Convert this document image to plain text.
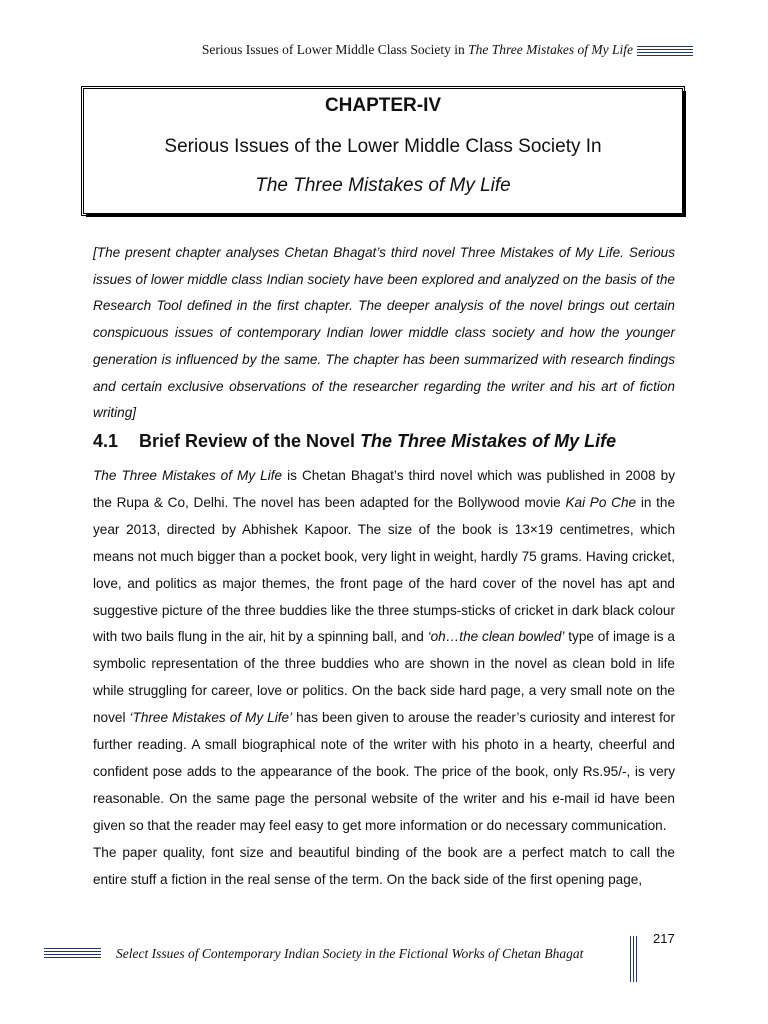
Serious Issues of Lower Middle Class Society in The Three Mistakes of My Life
CHAPTER-IV
Serious Issues of the Lower Middle Class Society In
The Three Mistakes of My Life
[The present chapter analyses Chetan Bhagat’s third novel Three Mistakes of My Life. Serious issues of lower middle class Indian society have been explored and analyzed on the basis of the Research Tool defined in the first chapter. The deeper analysis of the novel brings out certain conspicuous issues of contemporary Indian lower middle class society and how the younger generation is influenced by the same. The chapter has been summarized with research findings and certain exclusive observations of the researcher regarding the writer and his art of fiction writing]
4.1 Brief Review of the Novel The Three Mistakes of My Life

The Three Mistakes of My Life is Chetan Bhagat’s third novel which was published in 2008 by the Rupa & Co, Delhi. The novel has been adapted for the Bollywood movie Kai Po Che in the year 2013, directed by Abhishek Kapoor. The size of the book is 13×19 centimetres, which means not much bigger than a pocket book, very light in weight, hardly 75 grams. Having cricket, love, and politics as major themes, the front page of the hard cover of the novel has apt and suggestive picture of the three buddies like the three stumps-sticks of cricket in dark black colour with two bails flung in the air, hit by a spinning ball, and ‘oh…the clean bowled’ type of image is a symbolic representation of the three buddies who are shown in the novel as clean bold in life while struggling for career, love or politics. On the back side hard page, a very small note on the novel ‘Three Mistakes of My Life’ has been given to arouse the reader’s curiosity and interest for further reading. A small biographical note of the writer with his photo in a hearty, cheerful and confident pose adds to the appearance of the book. The price of the book, only Rs.95/-, is very reasonable. On the same page the personal website of the writer and his e-mail id have been given so that the reader may feel easy to get more information or do necessary communication.

The paper quality, font size and beautiful binding of the book are a perfect match to call the entire stuff a fiction in the real sense of the term. On the back side of the first opening page,

217
Select Issues of Contemporary Indian Society in the Fictional Works of Chetan Bhagat
